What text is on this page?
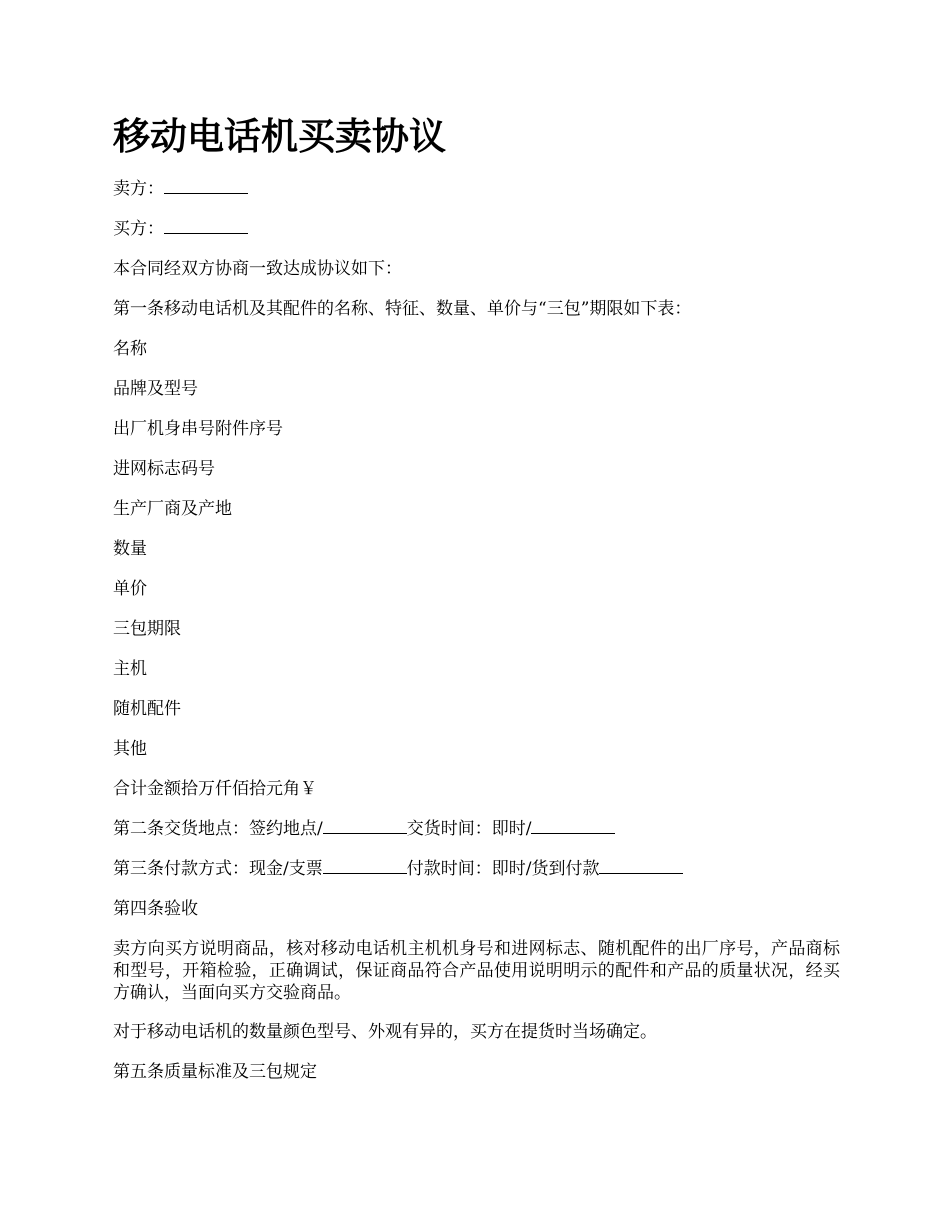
移动电话机买卖协议

卖方：

买方：

本合同经双方协商一致达成协议如下：

第一条移动电话机及其配件的名称、特征、数量、单价与“三包”期限如下表：

名称

品牌及型号

出厂机身串号附件序号

进网标志码号

生产厂商及产地

数量

单价

三包期限

主机

随机配件

其他

合计金额拾万仟佰拾元角￥

第二条交货地点：签约地点/	交货时间：即时/

第三条付款方式：现金/支票	付款时间：即时/货到付款

第四条验收

卖方向买方说明商品，核对移动电话机主机机身号和进网标志、随机配件的出厂序号，产品商标和型号，开箱检验，正确调试，保证商品符合产品使用说明明示的配件和产品的质量状况，经买方确认，当面向买方交验商品。

对于移动电话机的数量颜色型号、外观有异的，买方在提货时当场确定。

第五条质量标准及三包规定
